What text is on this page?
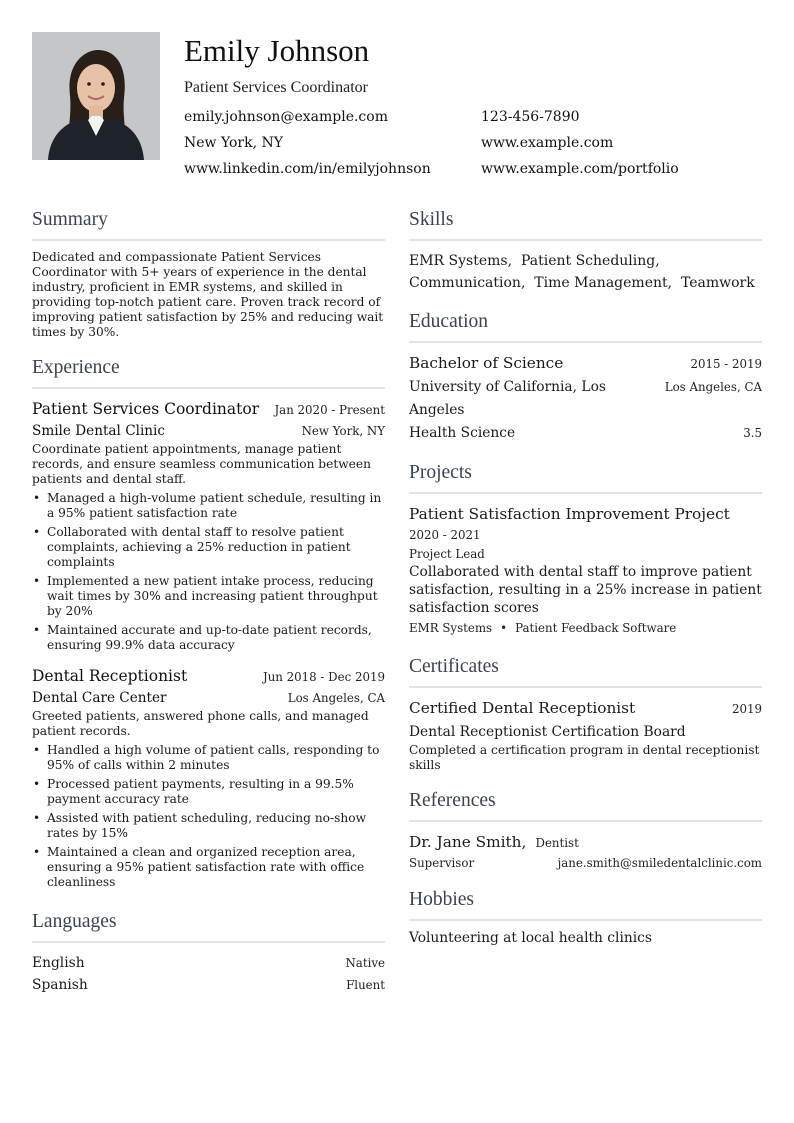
Emily Johnson
Patient Services Coordinator
emily.johnson@example.com	123-456-7890
New York, NY	www.example.com
www.linkedin.com/in/emilyjohnson	www.example.com/portfolio
Summary
Dedicated and compassionate Patient Services Coordinator with 5+ years of experience in the dental industry, proficient in EMR systems, and skilled in providing top-notch patient care. Proven track record of improving patient satisfaction by 25% and reducing wait times by 30%.
Experience
Patient Services Coordinator Jan 2020 - Present
Smile Dental Clinic	New York, NY
Coordinate patient appointments, manage patient records, and ensure seamless communication between patients and dental staff.
• Managed a high-volume patient schedule, resulting in a 95% patient satisfaction rate
• Collaborated with dental staff to resolve patient complaints, achieving a 25% reduction in patient complaints
• Implemented a new patient intake process, reducing wait times by 30% and increasing patient throughput by 20%
• Maintained accurate and up-to-date patient records, ensuring 99.9% data accuracy
Dental Receptionist	Jun 2018 - Dec 2019
Dental Care Center	Los Angeles, CA
Greeted patients, answered phone calls, and managed patient records.
• Handled a high volume of patient calls, responding to 95% of calls within 2 minutes
• Processed patient payments, resulting in a 99.5% payment accuracy rate
• Assisted with patient scheduling, reducing no-show rates by 15%
• Maintained a clean and organized reception area, ensuring a 95% patient satisfaction rate with office cleanliness
Languages
English	Native
Spanish	Fluent
Skills
EMR Systems, Patient Scheduling,
Communication, Time Management, Teamwork
Education
Bachelor of Science	2015 - 2019
University of California, Los Angeles
Los Angeles, CA
Health Science	3.5
Projects
Patient Satisfaction Improvement Project
2020 - 2021
Project Lead
Collaborated with dental staff to improve patient satisfaction, resulting in a 25% increase in patient satisfaction scores
EMR Systems • Patient Feedback Software
Certificates
Certified Dental Receptionist	2019
Dental Receptionist Certification Board
Completed a certification program in dental receptionist skills
References
Dr. Jane Smith, Dentist
Supervisor	jane.smith@smiledentalclinic.com
Hobbies
Volunteering at local health clinics
